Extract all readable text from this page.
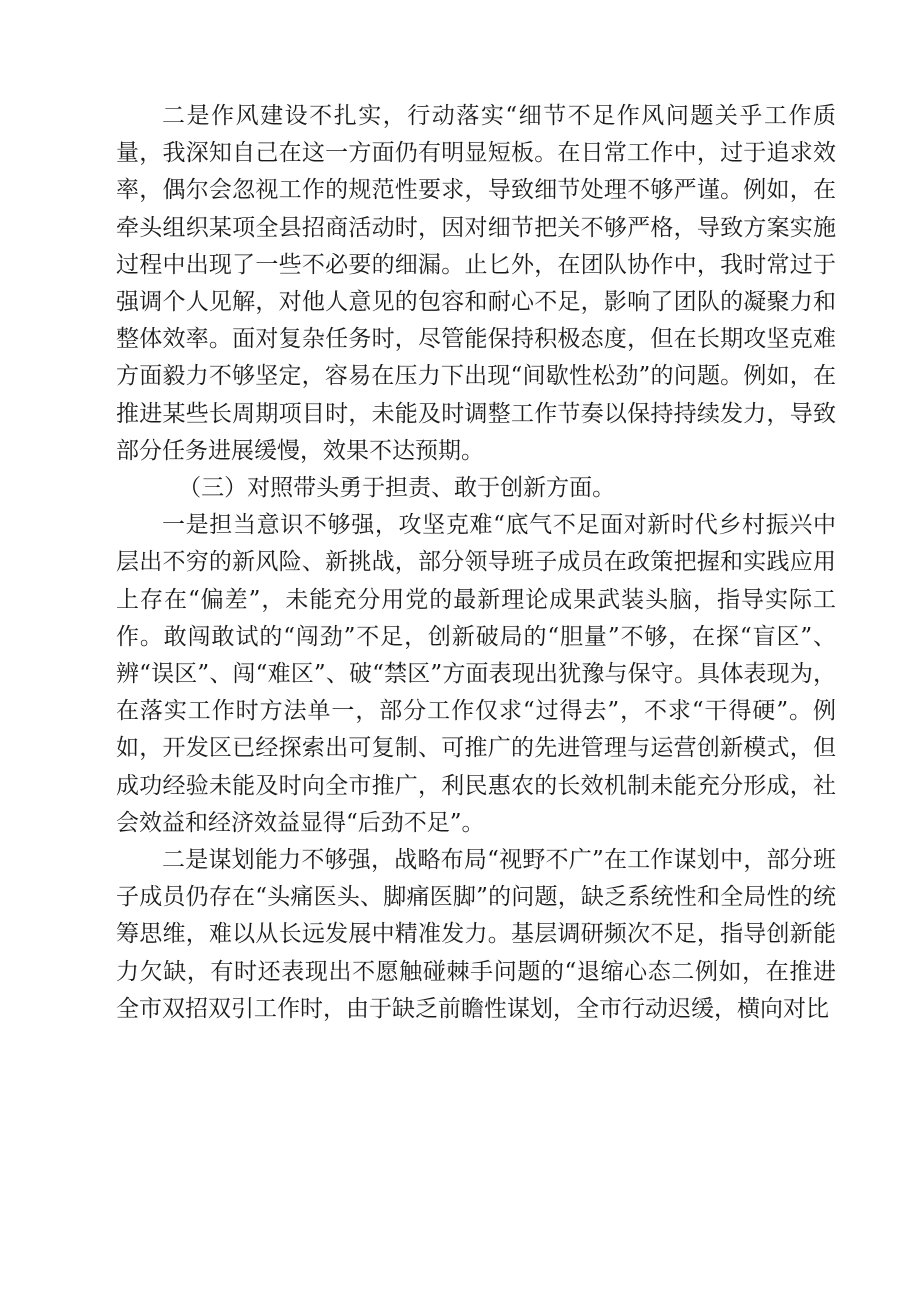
二是作风建设不扎实，行动落实“细节不足作风问题关乎工作质量，我深知自己在这一方面仍有明显短板。在日常工作中，过于追求效率，偶尔会忽视工作的规范性要求，导致细节处理不够严谨。例如，在牵头组织某项全县招商活动时，因对细节把关不够严格，导致方案实施过程中出现了一些不必要的细漏。止匕外，在团队协作中，我时常过于强调个人见解，对他人意见的包容和耐心不足，影响了团队的凝聚力和整体效率。面对复杂任务时，尽管能保持积极态度，但在长期攻坚克难方面毅力不够坚定，容易在压力下出现“间歇性松劲”的问题。例如，在推进某些长周期项目时，未能及时调整工作节奏以保持持续发力，导致部分任务进展缓慢，效果不达预期。

（三）对照带头勇于担责、敢于创新方面。

一是担当意识不够强，攻坚克难“底气不足面对新时代乡村振兴中层出不穷的新风险、新挑战，部分领导班子成员在政策把握和实践应用上存在“偏差”，未能充分用党的最新理论成果武装头脑，指导实际工作。敢闯敢试的“闯劲”不足，创新破局的“胆量”不够，在探“盲区”、辨“误区”、闯“难区”、破“禁区”方面表现出犹豫与保守。具体表现为，在落实工作时方法单一，部分工作仅求“过得去”，不求“干得硬”。例如，开发区已经探索出可复制、可推广的先进管理与运营创新模式，但成功经验未能及时向全市推广，利民惠农的长效机制未能充分形成，社会效益和经济效益显得“后劲不足”。

二是谋划能力不够强，战略布局“视野不广”在工作谋划中，部分班子成员仍存在“头痛医头、脚痛医脚”的问题，缺乏系统性和全局性的统筹思维，难以从长远发展中精准发力。基层调研频次不足，指导创新能力欠缺，有时还表现出不愿触碰棘手问题的“退缩心态二例如，在推进全市双招双引工作时，由于缺乏前瞻性谋划，全市行动迟缓，横向对比
